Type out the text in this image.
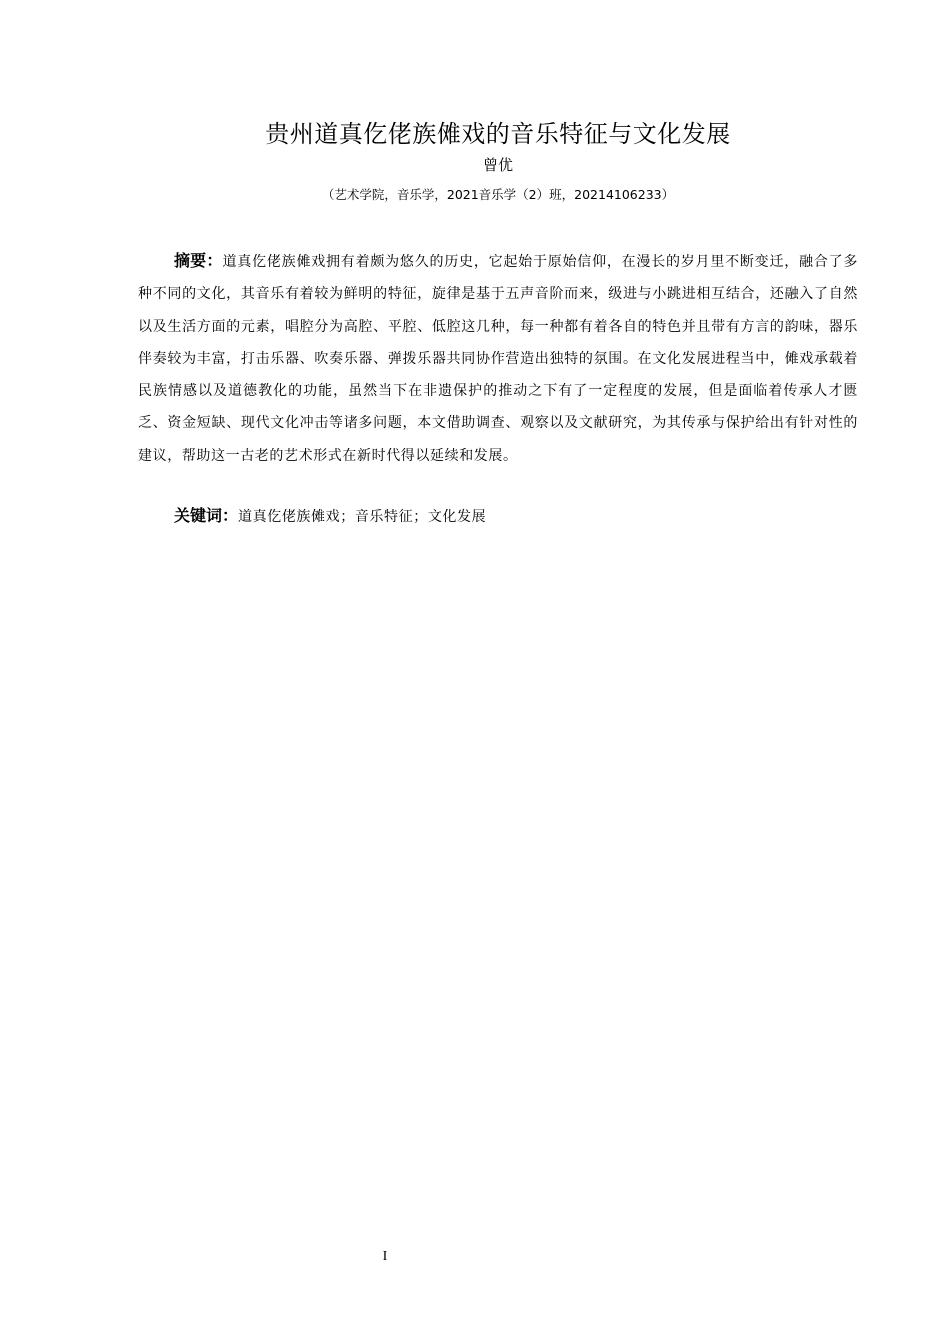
贵州道真仡佬族傩戏的音乐特征与文化发展
曾优
（艺术学院，音乐学，2021音乐学（2）班，20214106233）

摘要：道真仡佬族傩戏拥有着颇为悠久的历史，它起始于原始信仰，在漫长的岁月里不断变迁，融合了多种不同的文化，其音乐有着较为鲜明的特征，旋律是基于五声音阶而来，级进与小跳进相互结合，还融入了自然以及生活方面的元素，唱腔分为高腔、平腔、低腔这几种，每一种都有着各自的特色并且带有方言的韵味，器乐伴奏较为丰富，打击乐器、吹奏乐器、弹拨乐器共同协作营造出独特的氛围。在文化发展进程当中，傩戏承载着民族情感以及道德教化的功能，虽然当下在非遗保护的推动之下有了一定程度的发展，但是面临着传承人才匮乏、资金短缺、现代文化冲击等诸多问题，本文借助调查、观察以及文献研究，为其传承与保护给出有针对性的建议，帮助这一古老的艺术形式在新时代得以延续和发展。

关键词：道真仡佬族傩戏；音乐特征；文化发展

I
